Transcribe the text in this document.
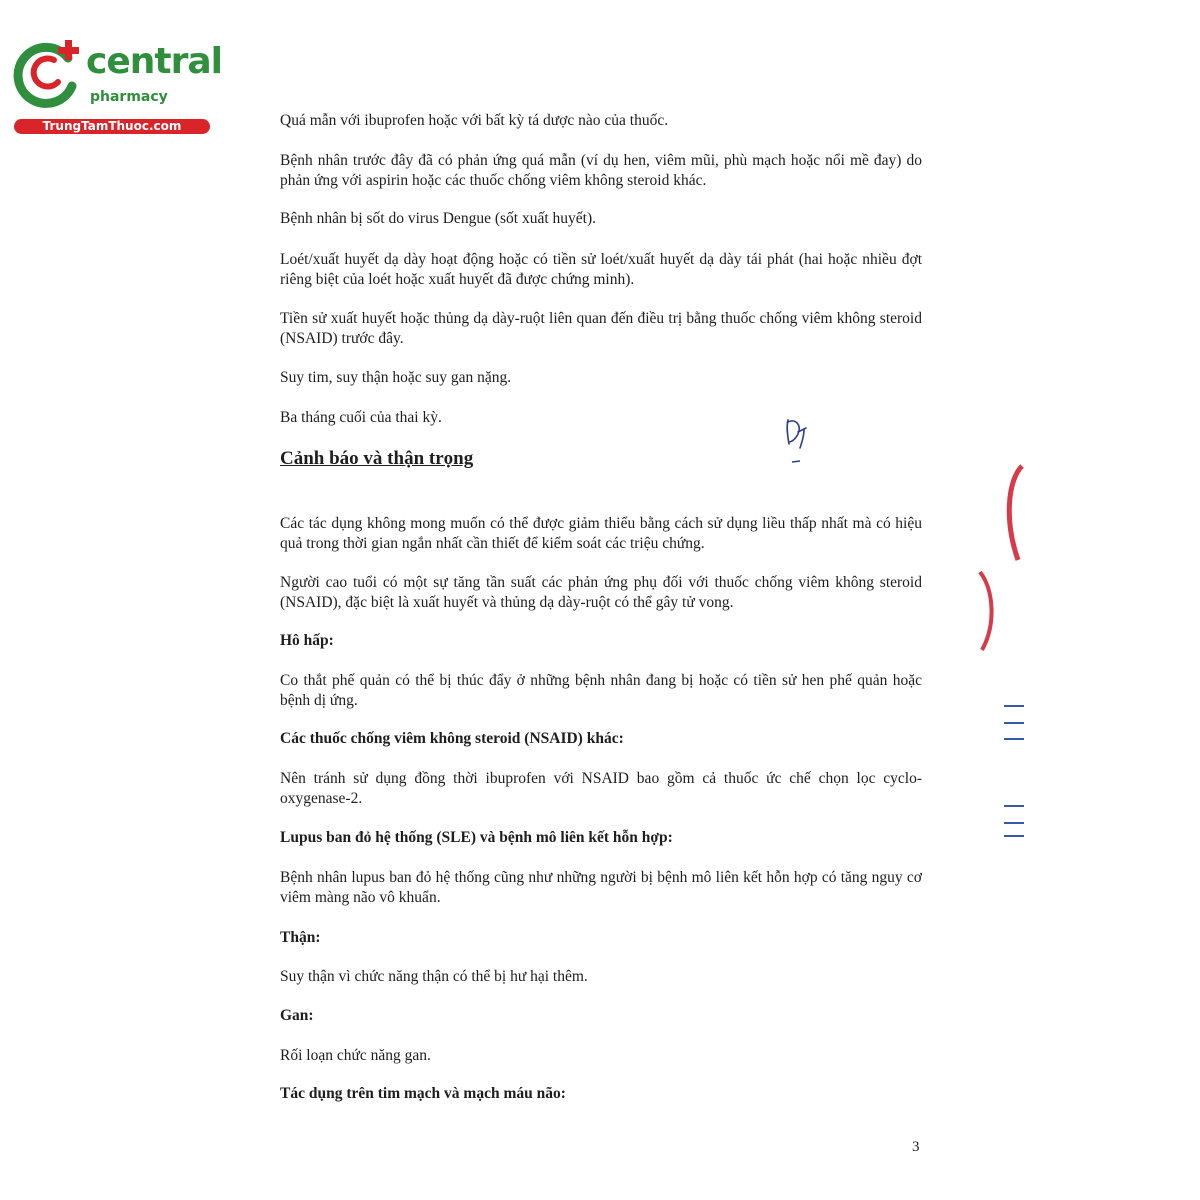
central
pharmacy
TrungTamThuoc.com	Quá mẫn với ibuprofen hoặc với bất kỳ tá dược nào của thuốc.

Bệnh nhân trước đây đã có phản ứng quá mẫn (ví dụ hen, viêm mũi, phù mạch hoặc nổi mề đay) do phản ứng với aspirin hoặc các thuốc chống viêm không steroid khác.

Bệnh nhân bị sốt do virus Dengue (sốt xuất huyết).

Loét/xuất huyết dạ dày hoạt động hoặc có tiền sử loét/xuất huyết dạ dày tái phát (hai hoặc nhiều đợt riêng biệt của loét hoặc xuất huyết đã được chứng minh).

Tiền sử xuất huyết hoặc thủng dạ dày-ruột liên quan đến điều trị bằng thuốc chống viêm không steroid (NSAID) trước đây.

Suy tim, suy thận hoặc suy gan nặng.

Ba tháng cuối của thai kỳ.

Cảnh báo và thận trọng

Các tác dụng không mong muốn có thể được giảm thiểu bằng cách sử dụng liều thấp nhất mà có hiệu quả trong thời gian ngắn nhất cần thiết để kiểm soát các triệu chứng.

Người cao tuổi có một sự tăng tần suất các phản ứng phụ đối với thuốc chống viêm không steroid (NSAID), đặc biệt là xuất huyết và thủng dạ dày-ruột có thể gây tử vong.

Hô hấp:

Co thắt phế quản có thể bị thúc đẩy ở những bệnh nhân đang bị hoặc có tiền sử hen phế quản hoặc bệnh dị ứng.

Các thuốc chống viêm không steroid (NSAID) khác:

Nên tránh sử dụng đồng thời ibuprofen với NSAID bao gồm cả thuốc ức chế chọn lọc cyclo-oxygenase-2.

Lupus ban đỏ hệ thống (SLE) và bệnh mô liên kết hỗn hợp:

Bệnh nhân lupus ban đỏ hệ thống cũng như những người bị bệnh mô liên kết hỗn hợp có tăng nguy cơ viêm màng não vô khuẩn.

Thận:

Suy thận vì chức năng thận có thể bị hư hại thêm.

Gan:

Rối loạn chức năng gan.

Tác dụng trên tim mạch và mạch máu não:
3
